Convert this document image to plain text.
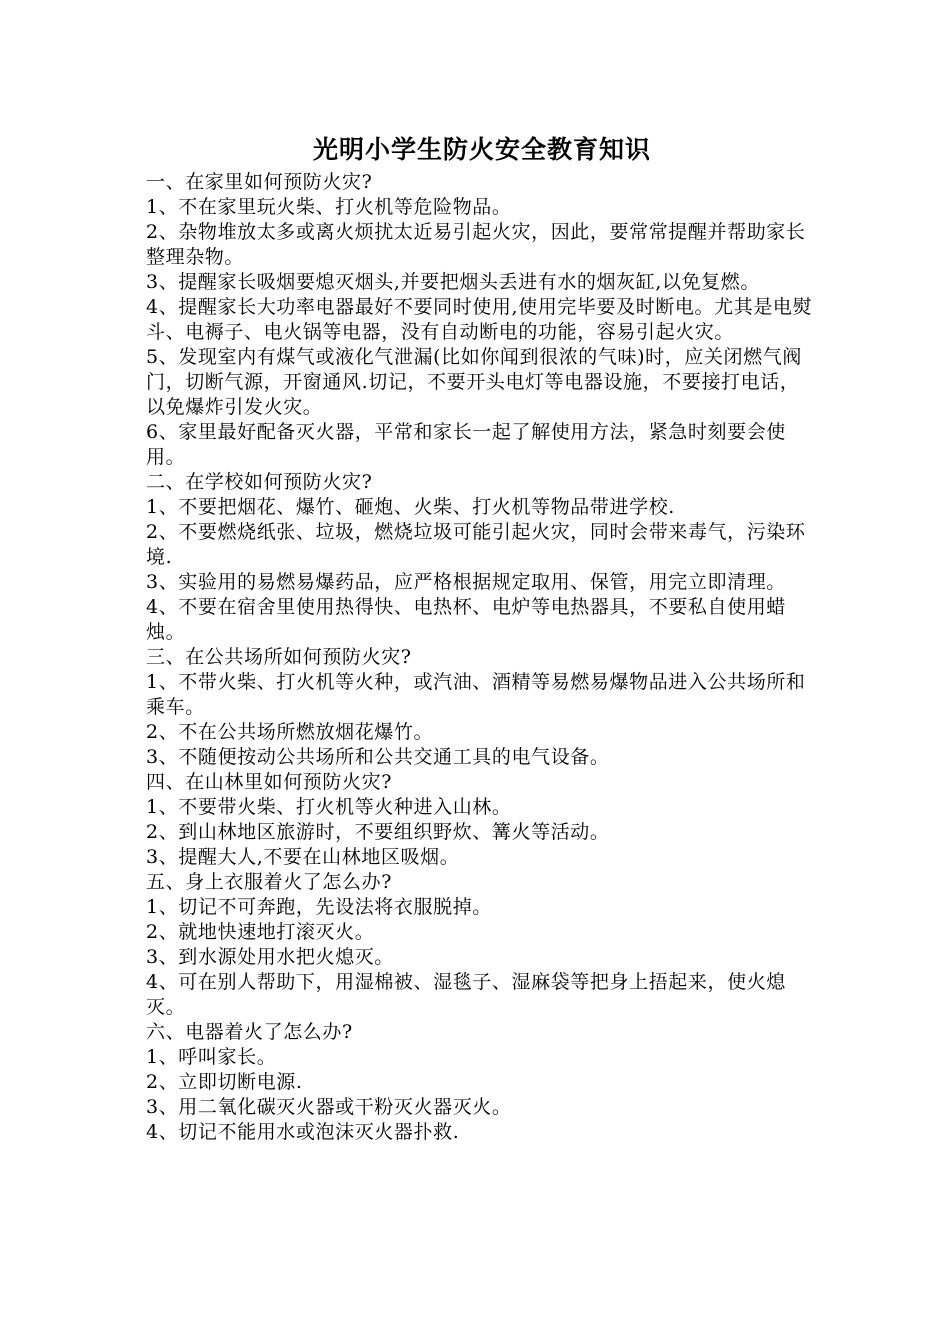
光明小学生防火安全教育知识
一、在家里如何预防火灾?
1、不在家里玩火柴、打火机等危险物品。
2、杂物堆放太多或离火烦扰太近易引起火灾，因此，要常常提醒并帮助家长整理杂物。
3、提醒家长吸烟要熄灭烟头,并要把烟头丢进有水的烟灰缸,以免复燃。
4、提醒家长大功率电器最好不要同时使用,使用完毕要及时断电。尤其是电熨斗、电褥子、电火锅等电器，没有自动断电的功能，容易引起火灾。
5、发现室内有煤气或液化气泄漏(比如你闻到很浓的气味)时，应关闭燃气阀门，切断气源，开窗通风.切记，不要开头电灯等电器设施，不要接打电话，以免爆炸引发火灾。
6、家里最好配备灭火器，平常和家长一起了解使用方法，紧急时刻要会使用。
二、在学校如何预防火灾?
1、不要把烟花、爆竹、砸炮、火柴、打火机等物品带进学校.
2、不要燃烧纸张、垃圾，燃烧垃圾可能引起火灾，同时会带来毒气，污染环境.
3、实验用的易燃易爆药品，应严格根据规定取用、保管，用完立即清理。
4、不要在宿舍里使用热得快、电热杯、电炉等电热器具，不要私自使用蜡烛。
三、在公共场所如何预防火灾?
1、不带火柴、打火机等火种，或汽油、酒精等易燃易爆物品进入公共场所和乘车。
2、不在公共场所燃放烟花爆竹。
3、不随便按动公共场所和公共交通工具的电气设备。
四、在山林里如何预防火灾?
1、不要带火柴、打火机等火种进入山林。
2、到山林地区旅游时，不要组织野炊、篝火等活动。
3、提醒大人,不要在山林地区吸烟。
五、身上衣服着火了怎么办?
1、切记不可奔跑，先设法将衣服脱掉。
2、就地快速地打滚灭火。
3、到水源处用水把火熄灭。
4、可在别人帮助下，用湿棉被、湿毯子、湿麻袋等把身上捂起来，使火熄灭。
六、电器着火了怎么办?
1、呼叫家长。
2、立即切断电源.
3、用二氧化碳灭火器或干粉灭火器灭火。
4、切记不能用水或泡沫灭火器扑救.
